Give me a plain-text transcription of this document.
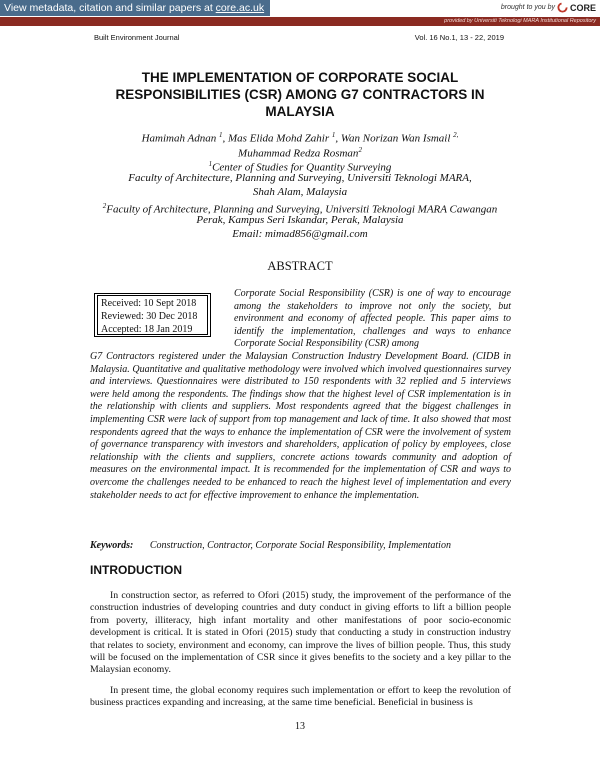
View metadata, citation and similar papers at core.ac.uk	brought to you by CORE
provided by Universiti Teknologi MARA Institutional Repository
Built Environment Journal	Vol. 16 No.1, 13 - 22, 2019
THE IMPLEMENTATION OF CORPORATE SOCIAL
RESPONSIBILITIES (CSR) AMONG G7 CONTRACTORS IN
MALAYSIA
Hamimah Adnan $^1$, Mas Elida Mohd Zahir $^1$, Wan Norizan Wan Ismail $^{2,}$
Muhammad Redza Rosman$^2$
$^1$Center of Studies for Quantity Surveying
Faculty of Architecture, Planning and Surveying, Universiti Teknologi MARA,
Shah Alam, Malaysia
$^2$Faculty of Architecture, Planning and Surveying, Universiti Teknologi MARA Cawangan
Perak, Kampus Seri Iskandar, Perak, Malaysia
Email: mimad856@gmail.com
ABSTRACT
Received: 10 Sept 2018
Reviewed: 30 Dec 2018
Accepted: 18 Jan 2019
Corporate Social Responsibility (CSR) is one of way to encourage among the stakeholders to improve not only the society, but environment and economy of affected people. This paper aims to identify the implementation, challenges and ways to enhance Corporate Social Responsibility (CSR) among
G7 Contractors registered under the Malaysian Construction Industry Development Board. (CIDB in Malaysia. Quantitative and qualitative methodology were involved which involved questionnaires survey and interviews. Questionnaires were distributed to 150 respondents with 32 replied and 5 interviews were held among the respondents. The findings show that the highest level of CSR implementation is in the relationship with clients and suppliers. Most respondents agreed that the biggest challenges in implementing CSR were lack of support from top management and lack of time. It also showed that most respondents agreed that the ways to enhance the implementation of CSR were the involvement of system of governance transparency with investors and shareholders, application of policy by employees, close relationship with the clients and suppliers, concrete actions towards community and adoption of measures on the environmental impact. It is recommended for the implementation of CSR and ways to overcome the challenges needed to be enhanced to reach the highest level of implementation and every stakeholder needs to act for effective improvement to enhance the implementation.
Keywords: Construction, Contractor, Corporate Social Responsibility, Implementation
INTRODUCTION
In construction sector, as referred to Ofori (2015) study, the improvement of the performance of the construction industries of developing countries and duty conduct in giving efforts to lift a billion people from poverty, illiteracy, high infant mortality and other manifestations of poor socio-economic development is critical. It is stated in Ofori (2015) study that conducting a study in construction industry that relates to society, environment and economy, can improve the lives of billion people. Thus, this study will be focused on the implementation of CSR since it gives benefits to the society and a key pillar to the Malaysian economy.
In present time, the global economy requires such implementation or effort to keep the revolution of business practices expanding and increasing, at the same time beneficial. Beneficial in business is
13
